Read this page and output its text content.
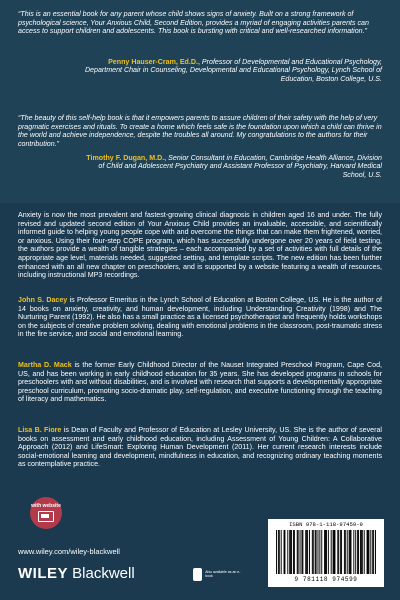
“This is an essential book for any parent whose child shows signs of anxiety. Built on a strong framework of psychological science, Your Anxious Child, Second Edition, provides a myriad of engaging activities parents can access to support children and adolescents. This book is bursting with critical and well-researched information.”

Penny Hauser-Cram, Ed.D., Professor of Developmental and Educational Psychology, Department Chair in Counseling, Developmental and Educational Psychology, Lynch School of Education, Boston College, U.S.

“The beauty of this self-help book is that it empowers parents to assure children of their safety with the help of very pragmatic exercises and rituals. To create a home which feels safe is the foundation upon which a child can thrive in the world and achieve independence, despite the troubles all around. My congratulations to the authors for their contribution.”

Timothy F. Dugan, M.D., Senior Consultant in Education, Cambridge Health Alliance, Division of Child and Adolescent Psychiatry and Assistant Professor of Psychiatry, Harvard Medical School, U.S.

Anxiety is now the most prevalent and fastest-growing clinical diagnosis in children aged 16 and under. The fully revised and updated second edition of Your Anxious Child provides an invaluable, accessible, and scientifically informed guide to helping young people cope with and overcome the things that can make them frightened, worried, or anxious. Using their four-step COPE program, which has successfully undergone over 20 years of field testing, the authors provide a wealth of tangible strategies – each accompanied by a set of activities with full details of the appropriate age level, materials needed, suggested setting, and template scripts. The new edition has been further enhanced with an all new chapter on preschoolers, and is supported by a website featuring a wealth of resources, including instructional MP3 recordings.

John S. Dacey is Professor Emeritus in the Lynch School of Education at Boston College, US. He is the author of 14 books on anxiety, creativity, and human development, including Understanding Creativity (1998) and The Nurturing Parent (1992). He also has a small practice as a licensed psychotherapist and frequently holds workshops on the subjects of creative problem solving, dealing with emotional problems in the classroom, post-traumatic stress in the fire service, and social and emotional learning.

Martha D. Mack is the former Early Childhood Director of the Nauset Integrated Preschool Program, Cape Cod, US, and has been working in early childhood education for 35 years. She has developed programs in schools for preschoolers with and without disabilities, and is involved with research that supports a developmentally appropriate preschool curriculum, promoting socio-dramatic play, self-regulation, and executive functioning through the teaching of literacy and mathematics.

Lisa B. Fiore is Dean of Faculty and Professor of Education at Lesley University, US. She is the author of several books on assessment and early childhood education, including Assessment of Young Children: A Collaborative Approach (2012) and LifeSmart: Exploring Human Development (2011). Her current research interests include social-emotional learning and development, mindfulness in education, and recognizing ordinary teaching moments as contemplative practice.

with website
www.wiley.com/wiley-blackwell
WILEY Blackwell	Also available as an e-book
ISBN 978-1-118-97459-9
9 781118 974599
